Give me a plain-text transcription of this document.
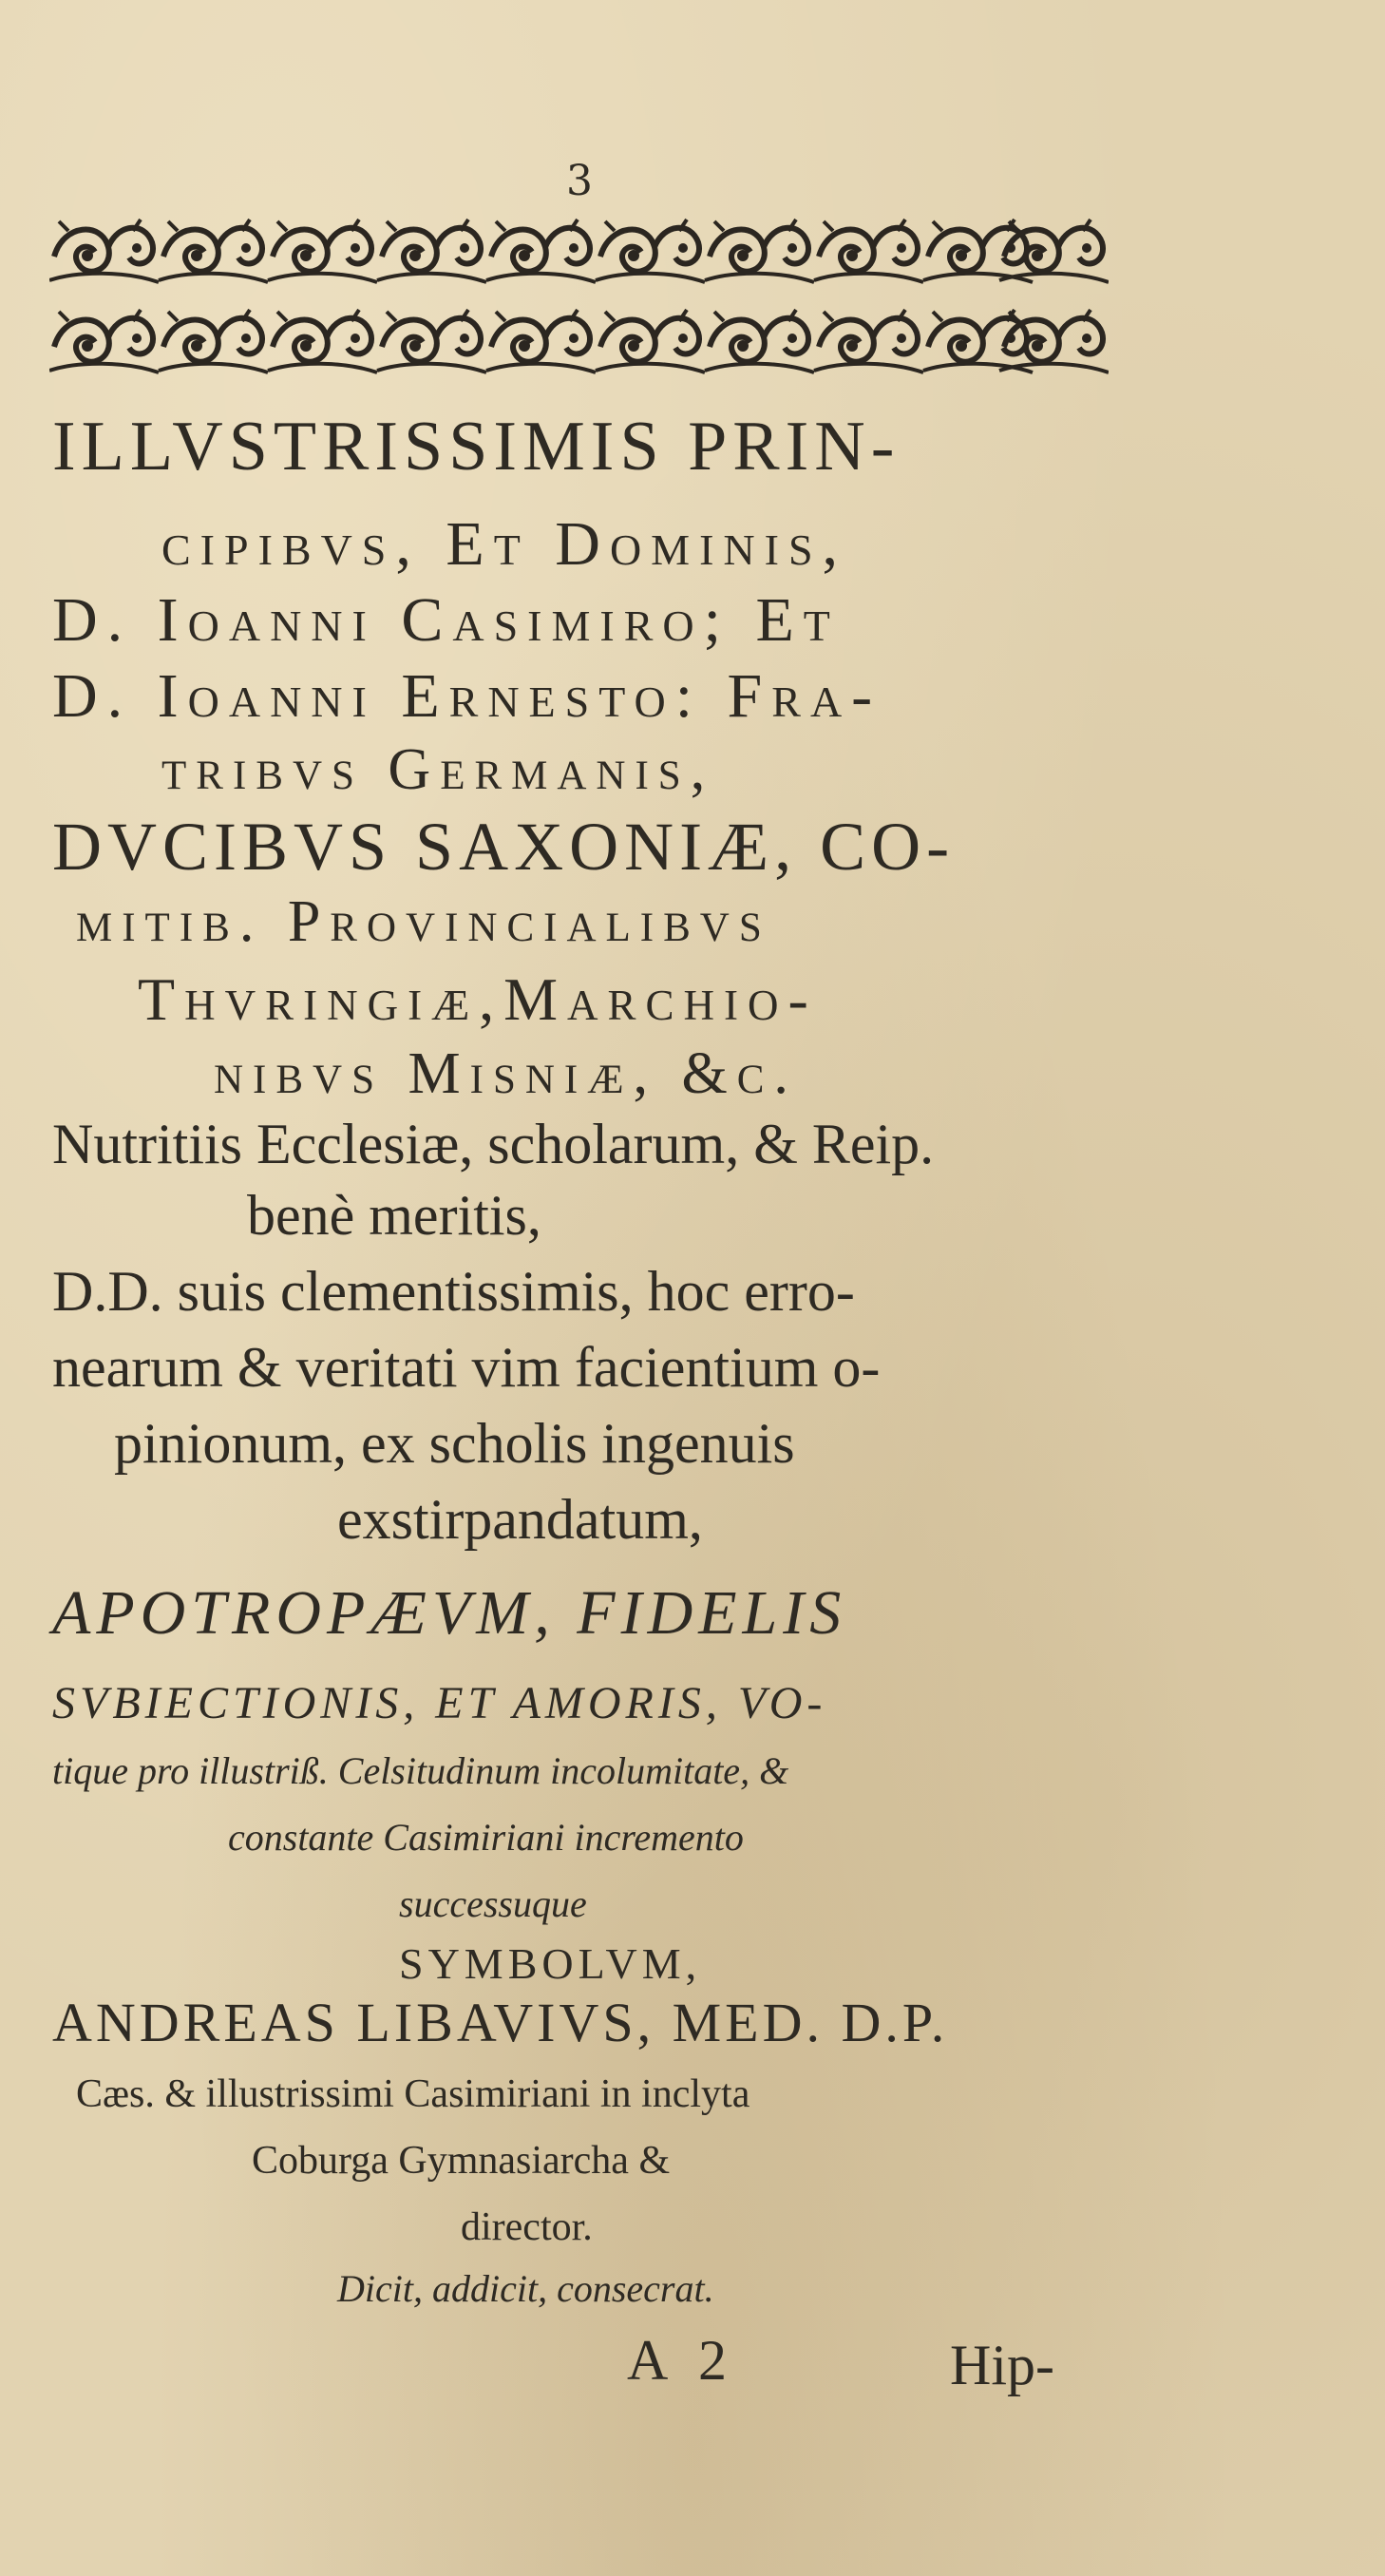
3
ILLVSTRISSIMIS PRIN-
cipibvs, Et Dominis,
D. Ioanni Casimiro; Et
D. Ioanni Ernesto: Fra-
tribvs Germanis,
DVCIBVS SAXONIÆ, CO-
mitib. Provincialibvs
Thvringiæ,Marchio-
nibvs Misniæ, &c.
Nutritiis Ecclesiæ, scholarum, & Reip.
benè meritis,
D.D. suis clementissimis, hoc erro-
nearum & veritati vim facientium o-
pinionum, ex scholis ingenuis
exstirpandatum,
APOTROPÆVM, FIDELIS
SVBIECTIONIS, ET AMORIS, VO-
tique pro illustriß. Celsitudinum incolumitate, &
constante Casimiriani incremento
successuque
SYMBOLVM,
ANDREAS LIBAVIVS, MED. D.P.
Cæs. & illustrissimi Casimiriani in inclyta
Coburga Gymnasiarcha &
director.
Dicit, addicit, consecrat.
A 2	Hip-
